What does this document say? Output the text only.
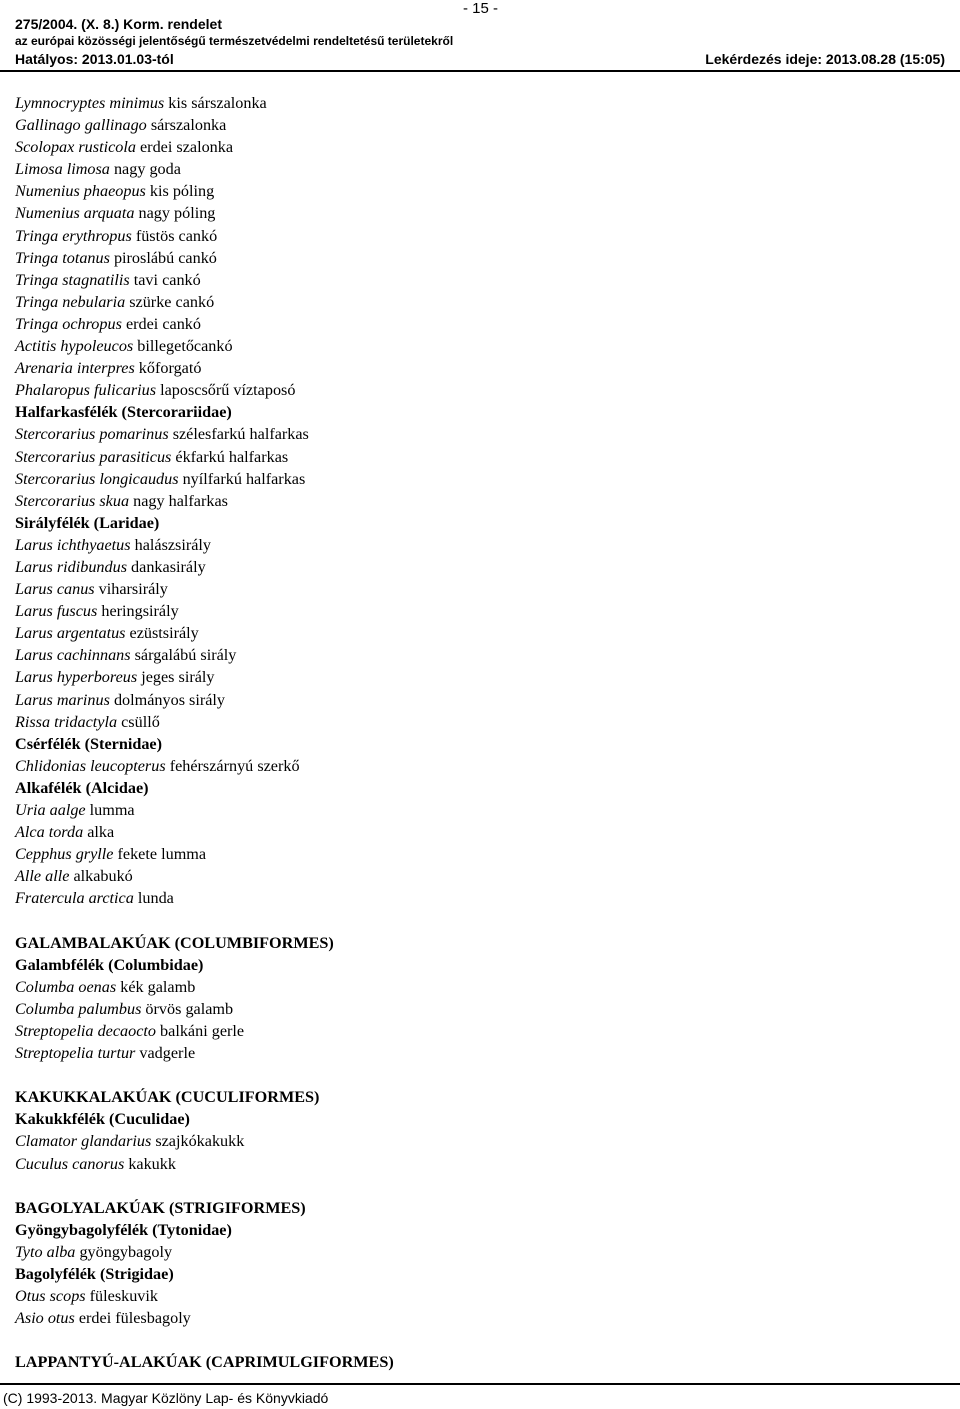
- 15 -
275/2004. (X. 8.) Korm. rendelet
az európai közösségi jelentőségű természetvédelmi rendeltetésű területekről
Hatályos: 2013.01.03-tól	Lekérdezés ideje: 2013.08.28 (15:05)
Lymnocryptes minimus kis sárszalonka
Gallinago gallinago sárszalonka
Scolopax rusticola erdei szalonka
Limosa limosa nagy goda
Numenius phaeopus kis póling
Numenius arquata nagy póling
Tringa erythropus füstös cankó
Tringa totanus piroslábú cankó
Tringa stagnatilis tavi cankó
Tringa nebularia szürke cankó
Tringa ochropus erdei cankó
Actitis hypoleucos billegetőcankó
Arenaria interpres kőforgató
Phalaropus fulicarius laposcsőrű víztaposó
Halfarkasfélék (Stercorariidae)
Stercorarius pomarinus szélesfarkú halfarkas
Stercorarius parasiticus ékfarkú halfarkas
Stercorarius longicaudus nyílfarkú halfarkas
Stercorarius skua nagy halfarkas
Sirályfélék (Laridae)
Larus ichthyaetus halászsirály
Larus ridibundus dankasirály
Larus canus viharsirály
Larus fuscus heringsirály
Larus argentatus ezüstsirály
Larus cachinnans sárgalábú sirály
Larus hyperboreus jeges sirály
Larus marinus dolmányos sirály
Rissa tridactyla csüllő
Csérfélék (Sternidae)
Chlidonias leucopterus fehérszárnyú szerkő
Alkafélék (Alcidae)
Uria aalge lumma
Alca torda alka
Cepphus grylle fekete lumma
Alle alle alkabukó
Fratercula arctica lunda
GALAMBALAKÚAK (COLUMBIFORMES)
Galambfélék (Columbidae)
Columba oenas kék galamb
Columba palumbus örvös galamb
Streptopelia decaocto balkáni gerle
Streptopelia turtur vadgerle
KAKUKKALAKÚAK (CUCULIFORMES)
Kakukkfélék (Cuculidae)
Clamator glandarius szajkókakukk
Cuculus canorus kakukk
BAGOLYALAKÚAK (STRIGIFORMES)
Gyöngybagolyfélék (Tytonidae)
Tyto alba gyöngybagoly
Bagolyfélék (Strigidae)
Otus scops füleskuvik
Asio otus erdei fülesbagoly
LAPPANTYÚ-ALAKÚAK (CAPRIMULGIFORMES)
(C) 1993-2013. Magyar Közlöny Lap- és Könyvkiadó
